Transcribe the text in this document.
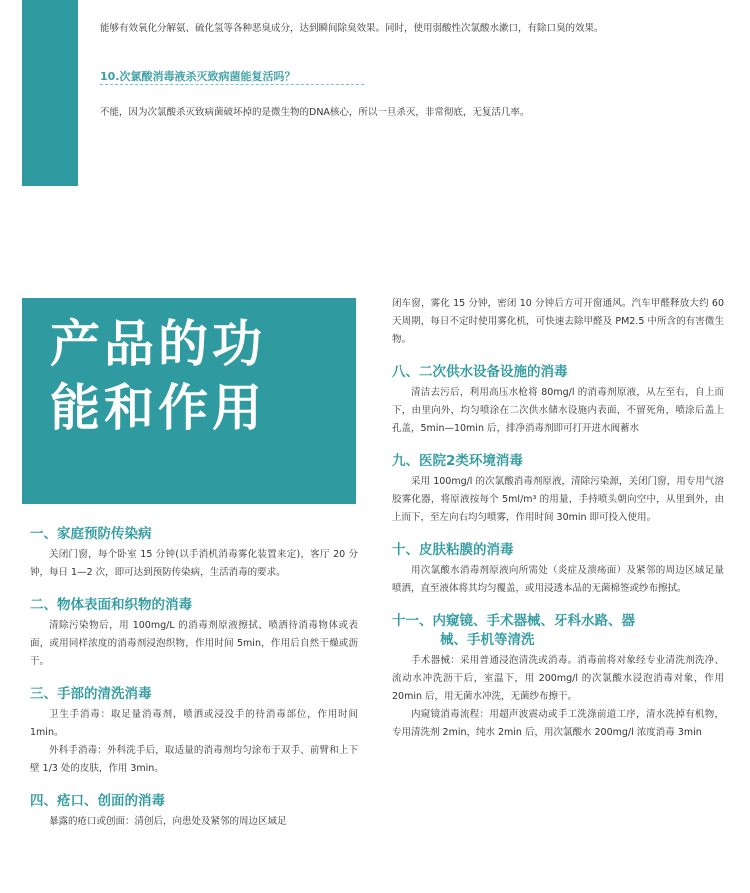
能够有效氧化分解氨、硫化氢等各种恶臭成分，达到瞬间除臭效果。同时，使用弱酸性次氯酸水漱口，有除口臭的效果。

10.次氯酸消毒液杀灭致病菌能复活吗？

不能，因为次氯酸杀灭致病菌破坏掉的是微生物的DNA核心，所以一旦杀灭，非常彻底，无复活几率。

产品的功
能和作用
一、家庭预防传染病

关闭门窗，每个卧室 15 分钟(以手消机消毒雾化装置来定)，客厅 20 分钟，每日 1—2 次，即可达到预防传染病，生活消毒的要求。

二、物体表面和织物的消毒

清除污染物后，用 100mg/L 的消毒剂原液擦拭、喷洒待消毒物体或表面，或用同样浓度的消毒剂浸泡织物，作用时间 5min，作用后自然干燥或沥干。

三、手部的清洗消毒

卫生手消毒：取足量消毒剂，喷洒或浸没手的待消毒部位，作用时间 1min。

外科手消毒：外科洗手后，取适量的消毒剂均匀涂布于双手、前臂和上下壁 1/3 处的皮肤，作用 3min。

四、疮口、创面的消毒

暴露的疮口或创面：清创后，向患处及紧邻的周边区域足

闭车窗，雾化 15 分钟，密闭 10 分钟后方可开窗通风。汽车甲醛释放大约 60 天周期，每日不定时使用雾化机，可快速去除甲醛及 PM2.5 中所含的有害微生物。

八、二次供水设备设施的消毒

清洁去污后，利用高压水枪将 80mg/l 的消毒剂原液，从左至右，自上而下，由里向外，均匀喷涂在二次供水储水设施内表面，不留死角，喷涂后盖上孔盖，5min—10min 后，排净消毒剂即可打开进水阀蓄水

九、医院2类环境消毒

采用 100mg/l 的次氯酸消毒剂原液，清除污染源，关闭门窗，用专用气溶胶雾化器，将原液按每个 5ml/m³ 的用量，手持喷头朝向空中，从里到外，由上而下，至左向右均匀喷雾，作用时间 30min 即可投入使用。

十、皮肤粘膜的消毒

用次氯酸水消毒剂原液向所需处（炎症及溃疡面）及紧邻的周边区域足量喷洒，直至液体将其均匀覆盖，或用浸透本品的无菌棉签或纱布擦拭。

十一、内窥镜、手术器械、牙科水路、器
械、手机等清洗

手术器械：采用普通浸泡清洗或消毒。消毒前将对象经专业清洗剂洗净、流动水冲洗沥干后，室温下，用 200mg/l 的次氯酸水浸泡消毒对象，作用 20min 后，用无菌水冲洗，无菌纱布擦干。

内窥镜消毒流程：用超声波震动或手工洗涤前道工序，清水洗掉有机物，专用清洗剂 2min，纯水 2min 后，用次氯酸水 200mg/l 浓度消毒 3min
